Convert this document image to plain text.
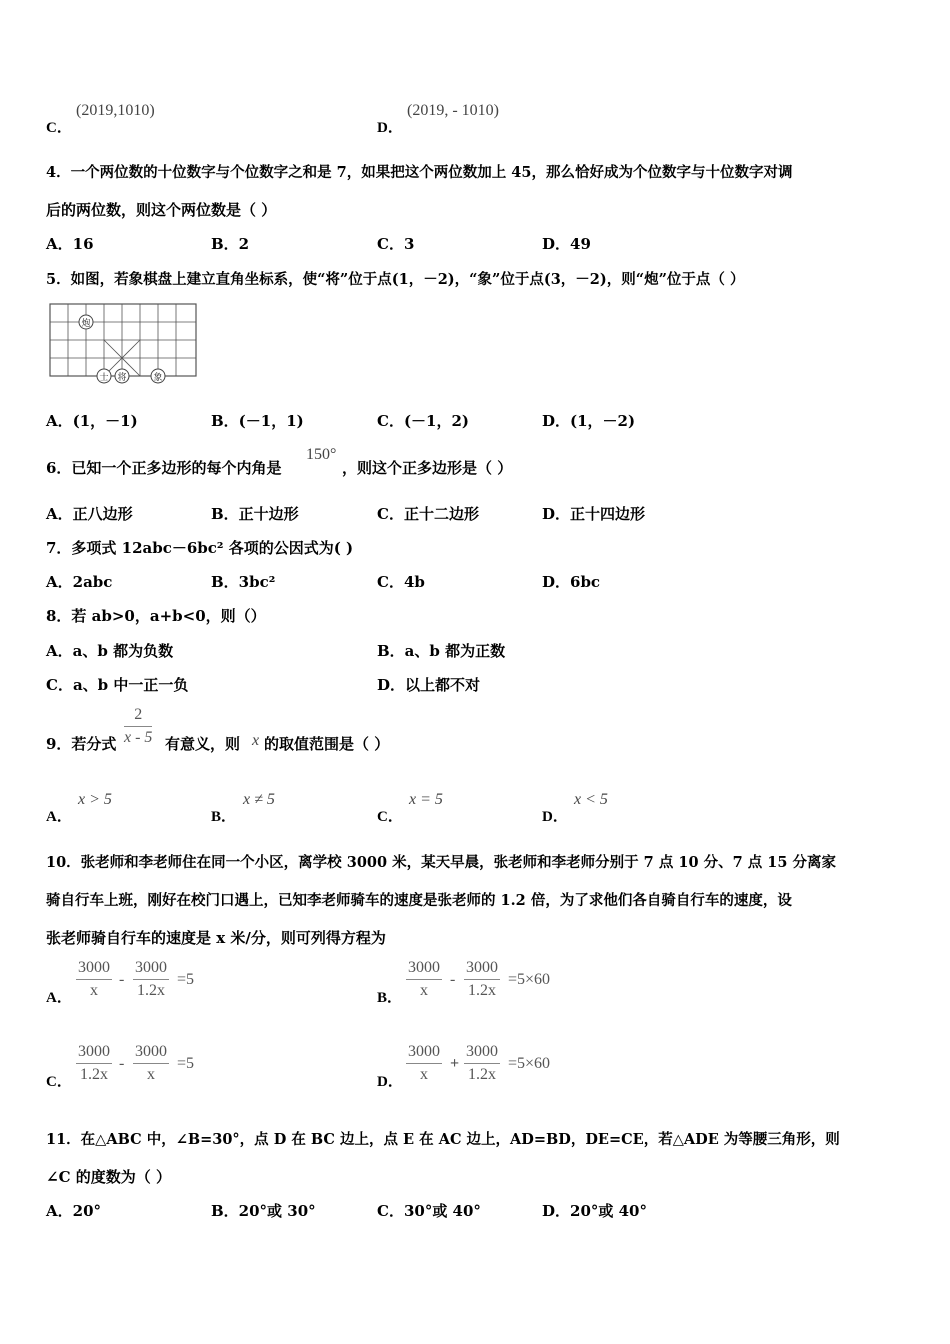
C．
(2019,1010)
D．
(2019, - 1010)
4．一个两位数的十位数字与个位数字之和是 7，如果把这个两位数加上 45，那么恰好成为个位数字与十位数字对调
后的两位数，则这个两位数是（ ）
A．16	B．2	C．3	D．49
5．如图，若象棋盘上建立直角坐标系，使“将”位于点(1，－2)，“象”位于点(3，－2)，则“炮”位于点（ ）
炮
士 将	象
A．(1，－1)	B．(－1，1)	C．(－1，2)	D．(1，－2)
6．已知一个正多边形的每个内角是
150°
，则这个正多边形是（ ）
A．正八边形	B．正十边形	C．正十二边形	D．正十四边形
7．多项式 12abc－6bc² 各项的公因式为( )
A．2abc	B．3bc²	C．4b	D．6bc
8．若 ab>0，a+b<0，则（）
A．a、b 都为负数	B．a、b 都为正数
C．a、b 中一正一负	D．以上都不对
9．若分式 $\frac{2}{x - 5}$ 有意义，则 x 的取值范围是（ ）
A．
x > 5
B．
x ≠ 5
C．
x = 5
D．
x < 5
10．张老师和李老师住在同一个小区，离学校 3000 米，某天早晨，张老师和李老师分别于 7 点 10 分、7 点 15 分离家
骑自行车上班，刚好在校门口遇上，已知李老师骑车的速度是张老师的 1.2 倍，为了求他们各自骑自行车的速度，设
张老师骑自行车的速度是 x 米/分，则可列得方程为
A． $\frac{3000}{x} - \frac{3000}{1.2x} =5$
B． $\frac{3000}{x} - \frac{3000}{1.2x} =5\times 60$
C． $\frac{3000}{1.2x} - \frac{3000}{x} =5$
D． $\frac{3000}{x} + \frac{3000}{1.2x} =5\times 60$
11．在△ABC 中，∠B=30°，点 D 在 BC 边上，点 E 在 AC 边上，AD=BD，DE=CE，若△ADE 为等腰三角形，则
∠C 的度数为（ ）
A．20°	B．20°或 30°	C．30°或 40°	D．20°或 40°
